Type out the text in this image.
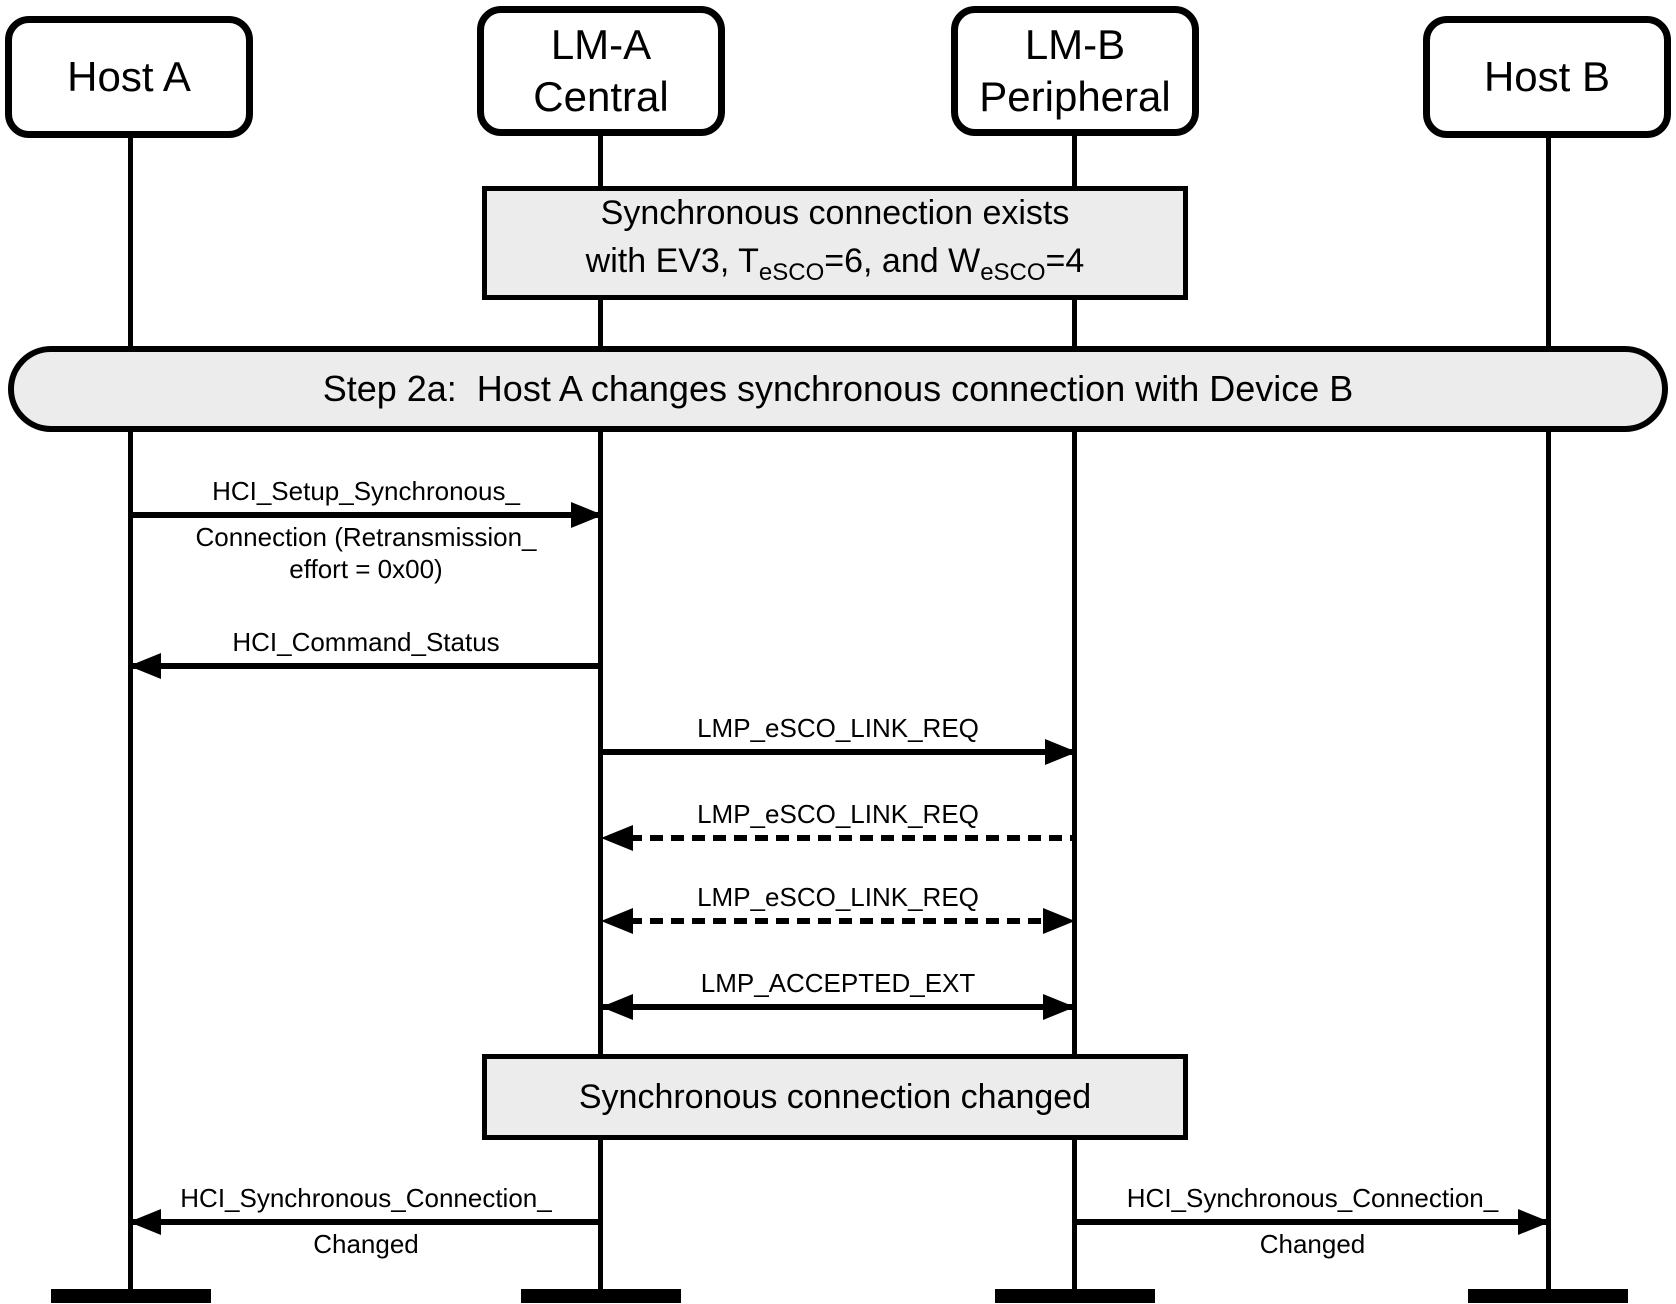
Host A
LM-A
Central
LM-B
Peripheral	Host B
Synchronous connection exists
with EV3, $T_{eSCO}=6$, and $W_{eSCO}=4$
Step 2a:  Host A changes synchronous connection with Device B
HCI_Setup_Synchronous_
Connection (Retransmission_
effort = 0x00)
HCI_Command_Status
LMP_eSCO_LINK_REQ
LMP_eSCO_LINK_REQ
LMP_eSCO_LINK_REQ
LMP_ACCEPTED_EXT
Synchronous connection changed
HCI_Synchronous_Connection_
Changed
HCI_Synchronous_Connection_
Changed
